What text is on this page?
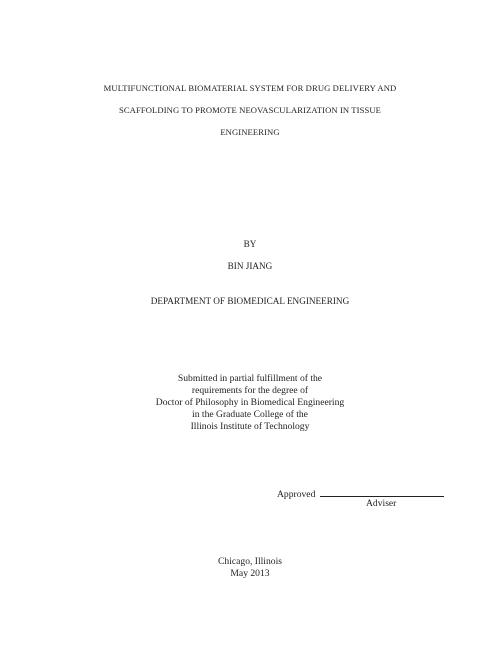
MULTIFUNCTIONAL BIOMATERIAL SYSTEM FOR DRUG DELIVERY AND
SCAFFOLDING TO PROMOTE NEOVASCULARIZATION IN TISSUE
ENGINEERING
BY
BIN JIANG
DEPARTMENT OF BIOMEDICAL ENGINEERING
Submitted in partial fulfillment of the
requirements for the degree of
Doctor of Philosophy in Biomedical Engineering
in the Graduate College of the
Illinois Institute of Technology
Approved
Adviser
Chicago, Illinois
May 2013
